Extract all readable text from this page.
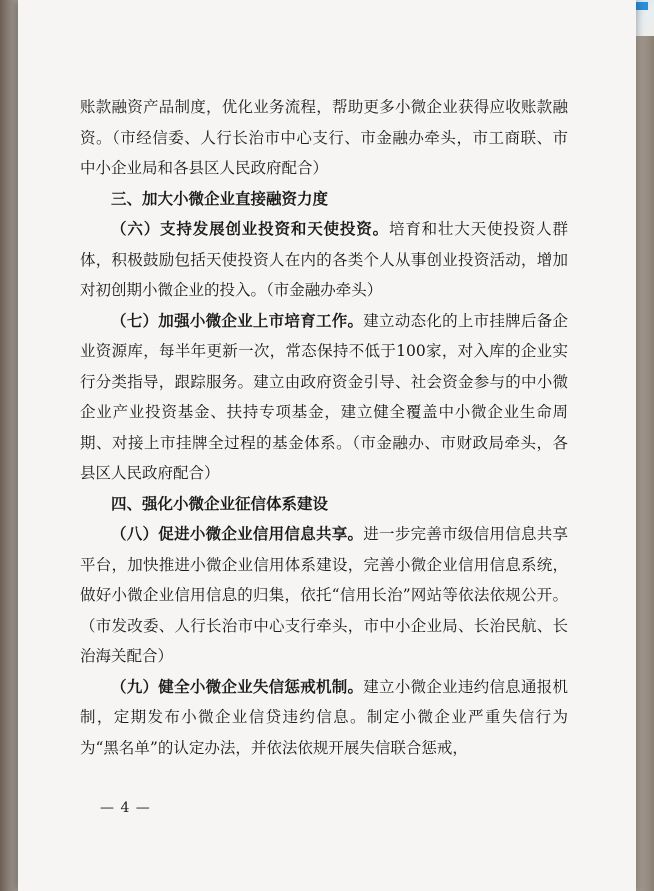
账款融资产品制度，优化业务流程，帮助更多小微企业获得应收账款融资。（市经信委、人行长治市中心支行、市金融办牵头，市工商联、市中小企业局和各县区人民政府配合）

三、加大小微企业直接融资力度

（六）支持发展创业投资和天使投资。培育和壮大天使投资人群体，积极鼓励包括天使投资人在内的各类个人从事创业投资活动，增加对初创期小微企业的投入。（市金融办牵头）

（七）加强小微企业上市培育工作。建立动态化的上市挂牌后备企业资源库，每半年更新一次，常态保持不低于100家，对入库的企业实行分类指导，跟踪服务。建立由政府资金引导、社会资金参与的中小微企业产业投资基金、扶持专项基金，建立健全覆盖中小微企业生命周期、对接上市挂牌全过程的基金体系。（市金融办、市财政局牵头，各县区人民政府配合）

四、强化小微企业征信体系建设

（八）促进小微企业信用信息共享。进一步完善市级信用信息共享平台，加快推进小微企业信用体系建设，完善小微企业信用信息系统，做好小微企业信用信息的归集，依托“信用长治”网站等依法依规公开。（市发改委、人行长治市中心支行牵头，市中小企业局、长治民航、长治海关配合）

（九）健全小微企业失信惩戒机制。建立小微企业违约信息通报机制，定期发布小微企业信贷违约信息。制定小微企业严重失信行为为“黑名单”的认定办法，并依法依规开展失信联合惩戒，

— 4 —
